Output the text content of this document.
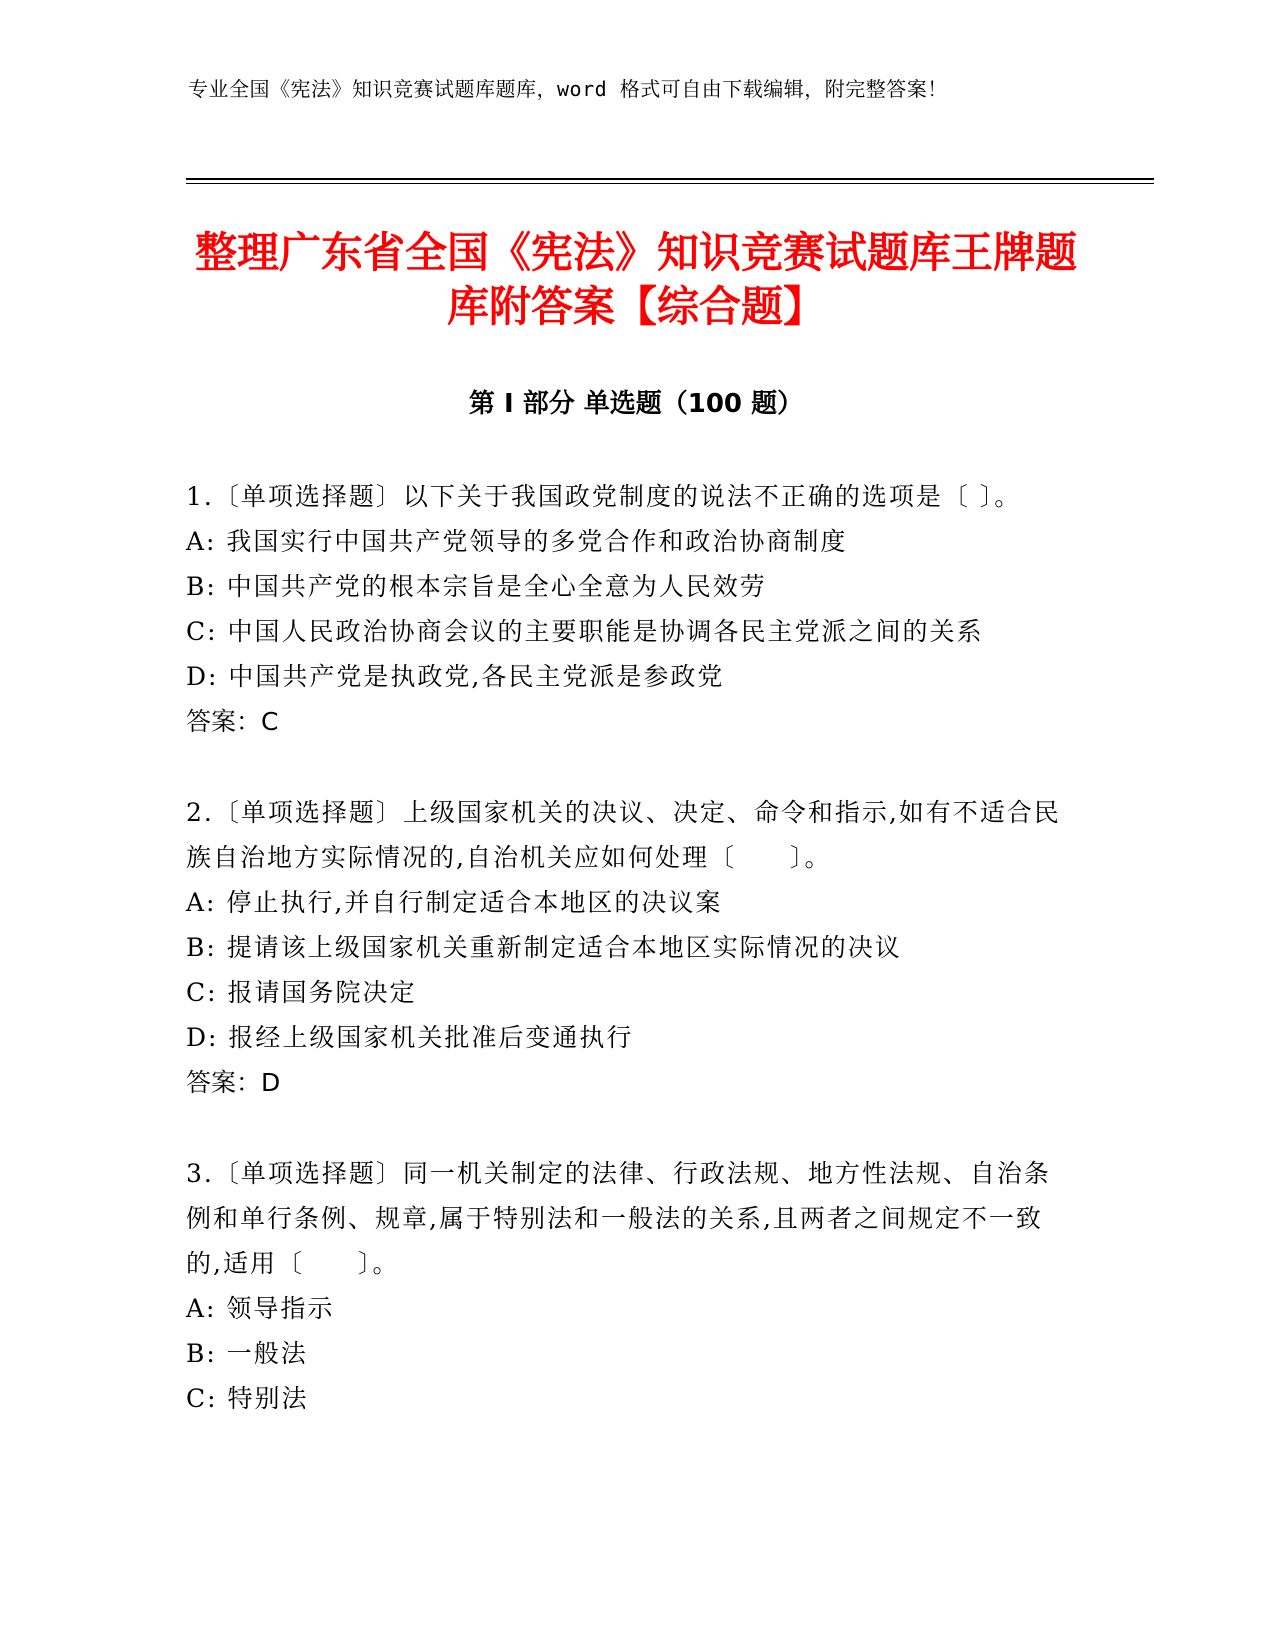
专业全国《宪法》知识竞赛试题库题库，word 格式可自由下载编辑，附完整答案！
整理广东省全国《宪法》知识竞赛试题库王牌题库附答案【综合题】
第 I 部分 单选题（100 题）

1.〔单项选择题〕以下关于我国政党制度的说法不正确的选项是〔 〕。

A: 我国实行中国共产党领导的多党合作和政治协商制度

B: 中国共产党的根本宗旨是全心全意为人民效劳

C: 中国人民政治协商会议的主要职能是协调各民主党派之间的关系

D: 中国共产党是执政党,各民主党派是参政党

答案：C

2.〔单项选择题〕上级国家机关的决议、决定、命令和指示,如有不适合民族自治地方实际情况的,自治机关应如何处理〔　　〕。

A: 停止执行,并自行制定适合本地区的决议案

B: 提请该上级国家机关重新制定适合本地区实际情况的决议

C: 报请国务院决定

D: 报经上级国家机关批准后变通执行

答案：D

3.〔单项选择题〕同一机关制定的法律、行政法规、地方性法规、自治条例和单行条例、规章,属于特别法和一般法的关系,且两者之间规定不一致的,适用〔　　〕。

A: 领导指示

B: 一般法

C: 特别法
